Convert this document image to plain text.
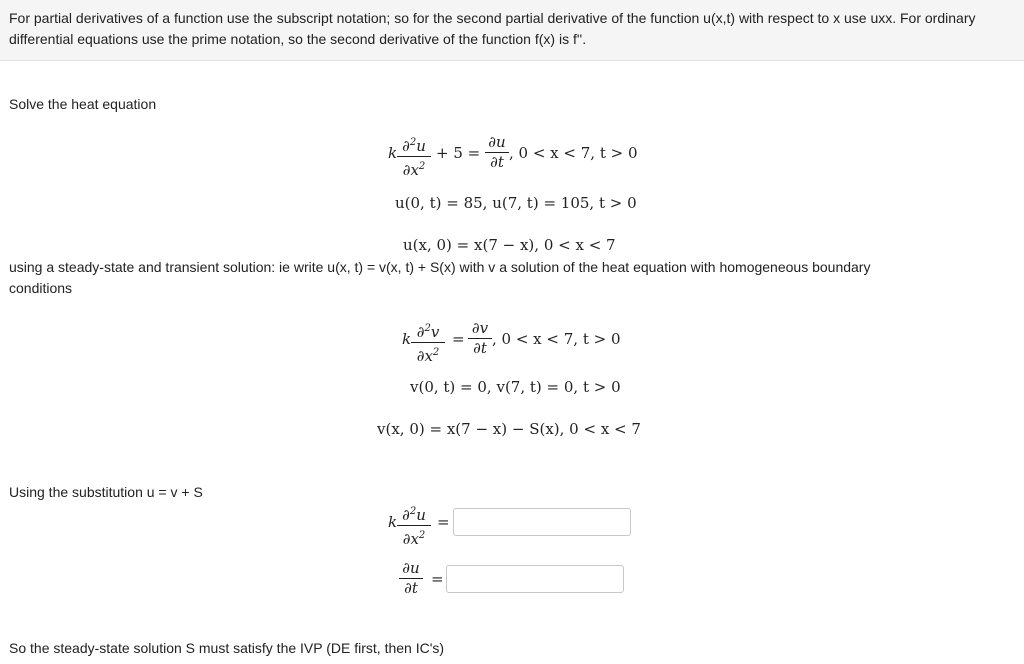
For partial derivatives of a function use the subscript notation; so for the second partial derivative of the function u(x,t) with respect to x use uxx. For ordinary differential equations use the prime notation, so the second derivative of the function f(x) is f''.

Solve the heat equation

k ∂$^2$u
$\partial x^2$
+ 5 =
∂u
∂t , 0 < x < 7, t > 0
u(0, t) = 85, u(7, t) = 105, t > 0
u(x, 0) = x(7 − x), 0 < x < 7

using a steady-state and transient solution: ie write u(x, t) = v(x, t) + S(x) with v a solution of the heat equation with homogeneous boundary
conditions

k ∂$^2$v
$\partial x^2$
=
∂v
∂t , 0 < x < 7, t > 0
v(0, t) = 0, v(7, t) = 0, t > 0
v(x, 0) = x(7 − x) − S(x), 0 < x < 7

Using the substitution u = v + S

k ∂$^2$u
$\partial x^2$
=
∂u
∂t =

So the steady-state solution S must satisfy the IVP (DE first, then IC's)
